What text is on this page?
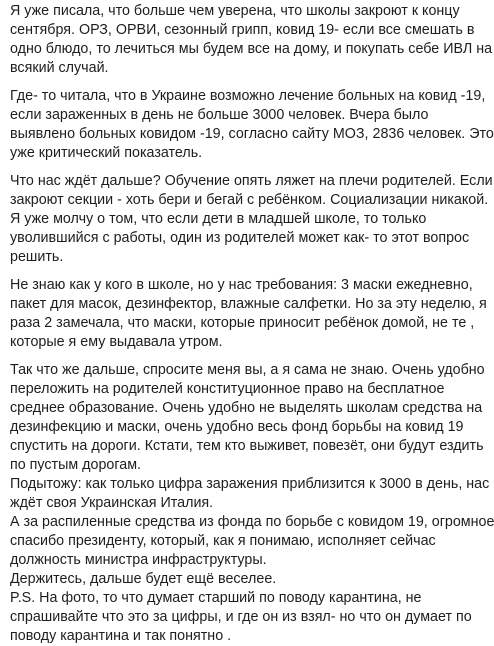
Я уже писала, что больше чем уверена, что школы закроют к концу
сентября. ОРЗ, ОРВИ, сезонный грипп, ковид 19- если все смешать в
одно блюдо, то лечиться мы будем все на дому, и покупать себе ИВЛ на
всякий случай.
Где- то читала, что в Украине возможно лечение больных на ковид -19,
если зараженных в день не больше 3000 человек. Вчера было
выявлено больных ковидом -19, согласно сайту МОЗ, 2836 человек. Это
уже критический показатель.
Что нас ждёт дальше? Обучение опять ляжет на плечи родителей. Если
закроют секции - хоть бери и бегай с ребёнком. Социализации никакой.
Я уже молчу о том, что если дети в младшей школе, то только
уволившийся с работы, один из родителей может как- то этот вопрос
решить.
Не знаю как у кого в школе, но у нас требования: 3 маски ежедневно,
пакет для масок, дезинфектор, влажные салфетки. Но за эту неделю, я
раза 2 замечала, что маски, которые приносит ребёнок домой, не те ,
которые я ему выдавала утром.
Так что же дальше, спросите меня вы, а я сама не знаю. Очень удобно
переложить на родителей конституционное право на бесплатное
среднее образование. Очень удобно не выделять школам средства на
дезинфекцию и маски, очень удобно весь фонд борьбы на ковид 19
спустить на дороги. Кстати, тем кто выживет, повезёт, они будут ездить
по пустым дорогам.
Подытожу: как только цифра заражения приблизится к 3000 в день, нас
ждёт своя Украинская Италия.
А за распиленные средства из фонда по борьбе с ковидом 19, огромное
спасибо президенту, который, как я понимаю, исполняет сейчас
должность министра инфраструктуры.
Держитесь, дальше будет ещё веселее.
P.S. На фото, то что думает старший по поводу карантина, не
спрашивайте что это за цифры, и где он из взял- но что он думает по
поводу карантина и так понятно .
